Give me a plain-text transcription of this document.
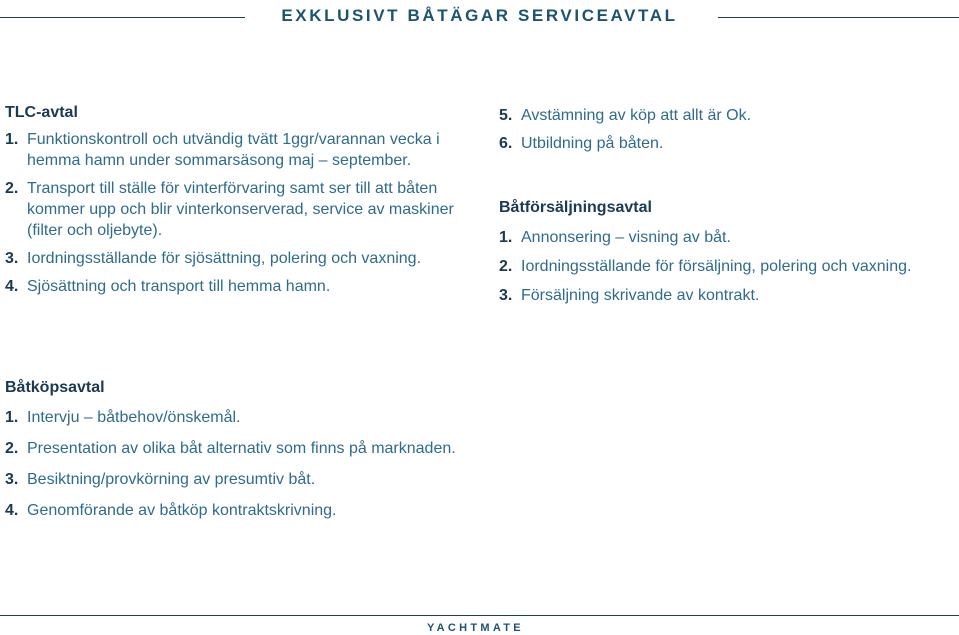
EXKLUSIVT BÅTÄGAR SERVICEAVTAL

TLC-avtal

1. Funktionskontroll och utvändig tvätt 1ggr/varannan vecka i hemma hamn under sommarsäsong maj – september.
2. Transport till ställe för vinterförvaring samt ser till att båten kommer upp och blir vinterkonserverad, service av maskiner (filter och oljebyte).
3. Iordningsställande för sjösättning, polering och vaxning.
4. Sjösättning och transport till hemma hamn.

Båtköpsavtal

1. Intervju – båtbehov/önskemål.
2. Presentation av olika båt alternativ som finns på marknaden.
3. Besiktning/provkörning av presumtiv båt.
4. Genomförande av båtköp kontraktskrivning.
5. Avstämning av köp att allt är Ok.
6. Utbildning på båten.

Båtförsäljningsavtal

1. Annonsering – visning av båt.
2. Iordningsställande för försäljning, polering och vaxning.
3. Försäljning skrivande av kontrakt.
YACHTMATE
